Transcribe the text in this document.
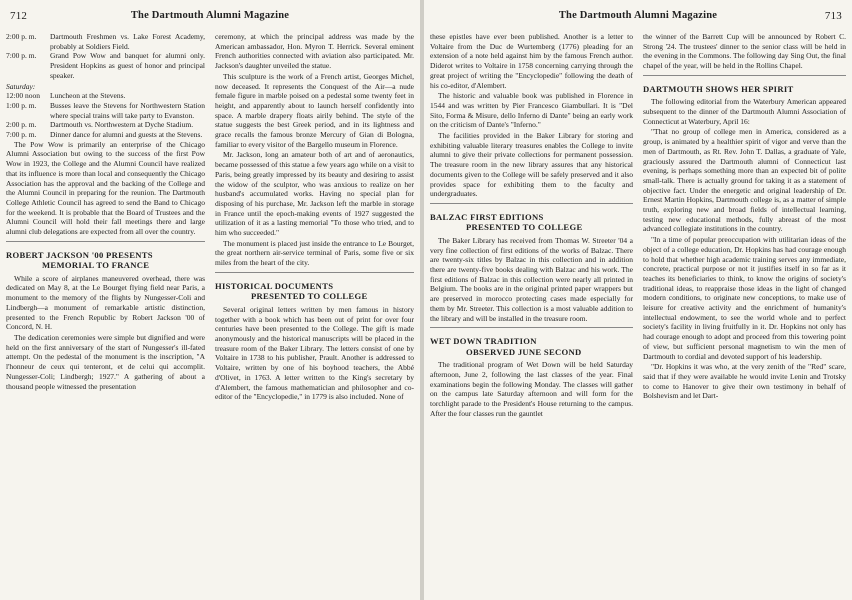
712	The Dartmouth Alumni Magazine
2:00 p. m.	Dartmouth Freshmen vs. Lake Forest Academy, probably at Soldiers Field.
7:00 p. m.	Grand Pow Wow and banquet for alumni only. President Hopkins as guest of honor and principal speaker.
Saturday:	
12:00 noon	Luncheon at the Stevens.
1:00 p. m.	Busses leave the Stevens for Northwestern Station where special trains will take party to Evanston.
2:00 p. m.	Dartmouth vs. Northwestern at Dyche Stadium.
7:00 p. m.	Dinner dance for alumni and guests at the Stevens.

The Pow Wow is primarily an enterprise of the Chicago Alumni Association but owing to the success of the first Pow Wow in 1923, the College and the Alumni Council have realized that its influence is more than local and consequently the Chicago Association has the approval and the backing of the College and the Alumni Council in preparing for the reunion. The Dartmouth College Athletic Council has agreed to send the Band to Chicago for the weekend. It is probable that the Board of Trustees and the Alumni Council will hold their fall meetings there and large alumni club delegations are expected from all over the country.

ROBERT JACKSON '00 PRESENTS
MEMORIAL TO FRANCE

While a score of airplanes maneuvered overhead, there was dedicated on May 8, at the Le Bourget flying field near Paris, a monument to the memory of the flights by Nungesser-Coli and Lindbergh—a monument of remarkable artistic distinction, presented to the French Republic by Robert Jackson '00 of Concord, N. H.

The dedication ceremonies were simple but dignified and were held on the first anniversary of the start of Nungesser's ill-fated attempt. On the pedestal of the monument is the inscription, "A l'honneur de ceux qui tenteront, et de celui qui accomplit. Nungesser-Coli; Lindbergh; 1927." A gathering of about a thousand people witnessed the presentation

ceremony, at which the principal address was made by the American ambassador, Hon. Myron T. Herrick. Several eminent French authorities connected with aviation also participated. Mr. Jackson's daughter unveiled the statue.

This sculpture is the work of a French artist, Georges Michel, now deceased. It represents the Conquest of the Air—a nude female figure in marble poised on a pedestal some twenty feet in height, and apparently about to launch herself confidently into space. A marble drapery floats airily behind. The style of the statue suggests the best Greek period, and in its lightness and grace recalls the famous bronze Mercury of Gian di Bologna, familiar to every visitor of the Bargello museum in Florence.

Mr. Jackson, long an amateur both of art and of aeronautics, became possessed of this statue a few years ago while on a visit to Paris, being greatly impressed by its beauty and desiring to assist the widow of the sculptor, who was anxious to realize on her husband's accumulated works. Having no special plan for disposing of his purchase, Mr. Jackson left the marble in storage in France until the epoch-making events of 1927 suggested the utilization of it as a lasting memorial "To those who tried, and to him who succeeded."

The monument is placed just inside the entrance to Le Bourget, the great northern air-service terminal of Paris, some five or six miles from the heart of the city.

HISTORICAL DOCUMENTS
PRESENTED TO COLLEGE

Several original letters written by men famous in history together with a book which has been out of print for over four centuries have been presented to the College. The gift is made anonymously and the historical manuscripts will be placed in the treasure room of the Baker Library. The letters consist of one by Voltaire in 1738 to his publisher, Prault. Another is addressed to Voltaire, written by one of his boyhood teachers, the Abbé d'Olivet, in 1763. A letter written to the King's secretary by d'Alembert, the famous mathematician and philosopher and co-editor of the "Encyclopedie," in 1779 is also included. None of

The Dartmouth Alumni Magazine	713

these epistles have ever been published. Another is a letter to Voltaire from the Duc de Wurtemberg (1776) pleading for an extension of a note held against him by the famous French author. Diderot writes to Voltaire in 1758 concerning carrying through the great project of writing the "Encyclopedie" following the death of his co-editor, d'Alembert.

The historic and valuable book was published in Florence in 1544 and was written by Pier Francesco Giambullari. It is "Del Sito, Forma & Misure, dello Inferno di Dante" being an early work on the criticism of Dante's "Inferno."

The facilities provided in the Baker Library for storing and exhibiting valuable literary treasures enables the College to invite alumni to give their private collections for permanent possession. The treasure room in the new library assures that any historical documents given to the College will be safely preserved and it also provides space for exhibiting them to the faculty and undergraduates.

BALZAC FIRST EDITIONS
PRESENTED TO COLLEGE

The Baker Library has received from Thomas W. Streeter '04 a very fine collection of first editions of the works of Balzac. There are twenty-six titles by Balzac in this collection and in addition there are twenty-five books dealing with Balzac and his work. The first editions of Balzac in this collection were nearly all printed in Belgium. The books are in the original printed paper wrappers but are preserved in morocco protecting cases made especially for them by Mr. Streeter. This collection is a most valuable addition to the library and will be installed in the treasure room.

WET DOWN TRADITION
OBSERVED JUNE SECOND

The traditional program of Wet Down will be held Saturday afternoon, June 2, following the last classes of the year. Final examinations begin the following Monday. The classes will gather on the campus late Saturday afternoon and will form for the torchlight parade to the President's House returning to the campus. After the four classes run the gauntlet

the winner of the Barrett Cup will be announced by Robert C. Strong '24. The trustees' dinner to the senior class will be held in the evening in the Commons. The following day Sing Out, the final chapel of the year, will be held in the Rollins Chapel.

DARTMOUTH SHOWS HER SPIRIT

The following editorial from the Waterbury American appeared subsequent to the dinner of the Dartmouth Alumni Association of Connecticut at Waterbury, April 16:

"That no group of college men in America, considered as a group, is animated by a healthier spirit of vigor and verve than the men of Dartmouth, as Rt. Rev. John T. Dallas, a graduate of Yale, graciously assured the Dartmouth alumni of Connecticut last evening, is perhaps something more than an expected bit of polite small-talk. There is actually ground for taking it as a statement of objective fact. Under the energetic and original leadership of Dr. Ernest Martin Hopkins, Dartmouth college is, as a matter of simple truth, exploring new and broad fields of intellectual learning, testing new educational methods, fully abreast of the most advanced collegiate institutions in the country.

"In a time of popular preoccupation with utilitarian ideas of the object of a college education, Dr. Hopkins has had courage enough to hold that whether high academic training serves any immediate, concrete, practical purpose or not it justifies itself in so far as it teaches its beneficiaries to think, to know the origins of society's traditional ideas, to reappraise those ideas in the light of changed modern conditions, to originate new conceptions, to make use of leisure for creative activity and the enrichment of humanity's intellectual endowment, to see the world whole and to perfect society's facility in living fruitfully in it. Dr. Hopkins not only has had courage enough to adopt and proceed from this towering point of view, but sufficient personal magnetism to win the men of Dartmouth to cordial and devoted support of his leadership.

"Dr. Hopkins it was who, at the very zenith of the "Red" scare, said that if they were available he would invite Lenin and Trotsky to come to Hanover to give their own testimony in behalf of Bolshevism and let Dart-
